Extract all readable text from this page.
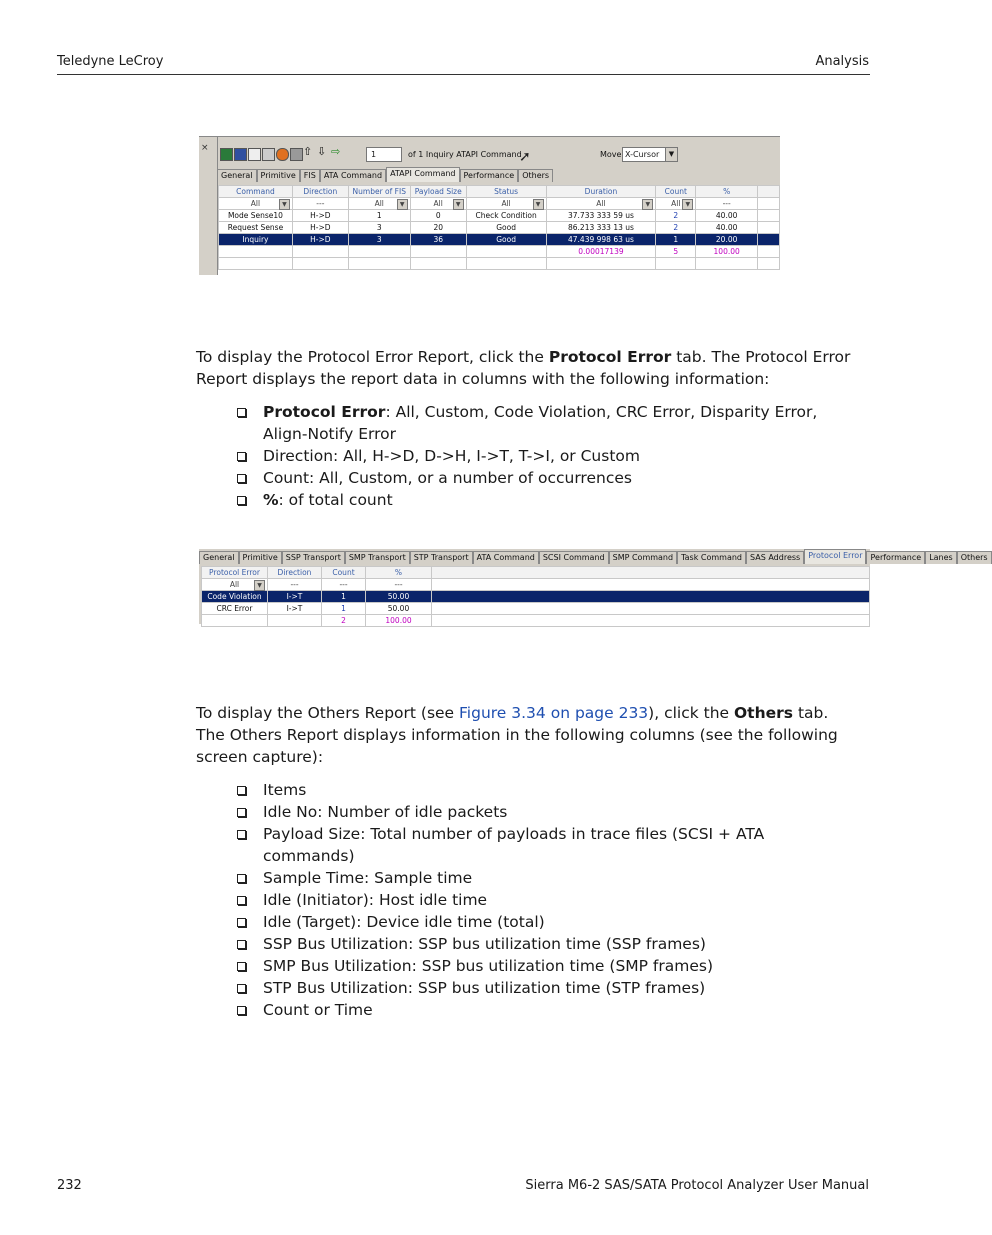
Teledyne LeCroy	Analysis
×	⇧ ⇩ ⇨	1	of 1 Inquiry ATAPI Command	Move X-Cursor	▼
General	Primitive	FIS	ATA Command	ATAPI Command	Performance	Others
Command	Direction	Number of FIS	Payload Size	Status	Duration	Count	%	
All ▼	---	All ▼	All ▼	All ▼	All ▼	All ▼	---	
Mode Sense10	H->D	1	0	Check Condition	37.733 333 59 us	2	40.00	
Request Sense	H->D	3	20	Good	86.213 333 13 us	2	40.00	
Inquiry	H->D	3	36	Good	47.439 998 63 us	1	20.00	
					0.00017139	5	100.00	

➚

To display the Protocol Error Report, click the Protocol Error tab. The Protocol Error Report displays the report data in columns with the following information:

Protocol Error: All, Custom, Code Violation, CRC Error, Disparity Error, Align-Notify Error
Direction: All, H->D, D->H, I->T, T->I, or Custom
Count: All, Custom, or a number of occurrences
%: of total count
General	Primitive	SSP Transport	SMP Transport	STP Transport	ATA Command	SCSI Command	SMP Command	Task Command	SAS Address	Protocol Error	Performance	Lanes	Others
Protocol Error	Direction	Count	%	
All ▼	---	---	---	
Code Violation	I->T	1	50.00	
CRC Error	I->T	1	50.00	
		2	100.00	

To display the Others Report (see Figure 3.34 on page 233), click the Others tab. The Others Report displays information in the following columns (see the following screen capture):

Items
Idle No: Number of idle packets
Payload Size: Total number of payloads in trace files (SCSI + ATA commands)
Sample Time: Sample time
Idle (Initiator): Host idle time
Idle (Target): Device idle time (total)
SSP Bus Utilization: SSP bus utilization time (SSP frames)
SMP Bus Utilization: SSP bus utilization time (SMP frames)
STP Bus Utilization: SSP bus utilization time (STP frames)
Count or Time
232	Sierra M6-2 SAS/SATA Protocol Analyzer User Manual
